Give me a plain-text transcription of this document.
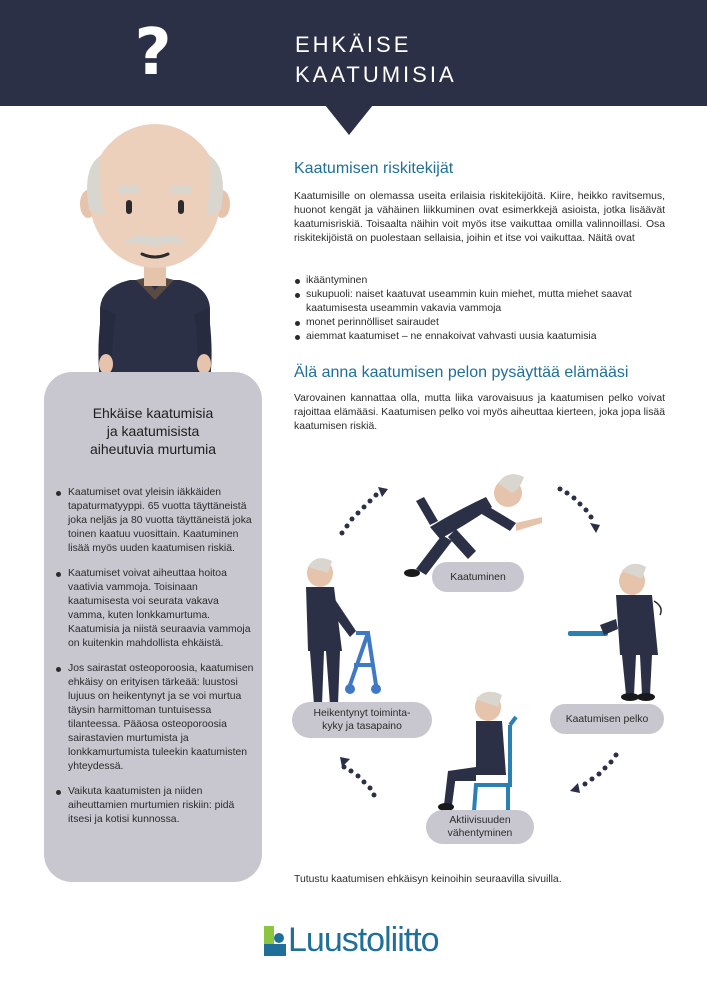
?	EHKÄISE
KAATUMISIA
Ehkäise kaatumisia
ja kaatumisista
aiheutuvia murtumia
Kaatumiset ovat yleisin iäkkäiden tapaturmatyyppi. 65 vuotta täyttäneistä joka neljäs ja 80 vuotta täyttäneistä joka toinen kaatuu vuosittain. Kaatuminen lisää myös uuden kaatumisen riskiä.
Kaatumiset voivat aiheuttaa hoitoa vaativia vammoja. Toisinaan kaatumisesta voi seurata vakava vamma, kuten lonkkamurtuma. Kaatumisia ja niistä seuraavia vammoja on kuitenkin mahdollista ehkäistä.
Jos sairastat osteoporoosia, kaatumisen ehkäisy on erityisen tärkeää: luustosi lujuus on heikentynyt ja se voi murtua täysin harmittoman tuntuisessa tilanteessa. Pääosa osteoporoosia sairastavien murtumista ja lonkkamurtumista tuleekin kaatumisten yhteydessä.
Vaikuta kaatumisten ja niiden aiheuttamien murtumien riskiin: pidä itsesi ja kotisi kunnossa.
Kaatumisen riskitekijät
Kaatumisille on olemassa useita erilaisia riskitekijöitä. Kiire, heikko ravitsemus, huonot kengät ja vähäinen liikkuminen ovat esimerkkejä asioista, jotka lisäävät kaatumisriskiä. Toisaalta näihin voit myös itse vaikuttaa omilla valinnoillasi. Osa riskitekijöistä on puolestaan sellaisia, joihin et itse voi vaikuttaa. Näitä ovat
ikääntyminen
sukupuoli: naiset kaatuvat useammin kuin miehet, mutta miehet saavat kaatumisesta useammin vakavia vammoja
monet perinnölliset sairaudet
aiemmat kaatumiset – ne ennakoivat vahvasti uusia kaatumisia
Älä anna kaatumisen pelon pysäyttää elämääsi
Varovainen kannattaa olla, mutta liika varovaisuus ja kaatumisen pelko voivat rajoittaa elämääsi. Kaatumisen pelko voi myös aiheuttaa kierteen, joka jopa lisää kaatumisen riskiä.
Kaatuminen
Kaatumisen pelko
Aktiivisuuden
vähentyminen
Heikentynyt toiminta-
kyky ja tasapaino
Tutustu kaatumisen ehkäisyn keinoihin seuraavilla sivuilla.
Luustoliitto
